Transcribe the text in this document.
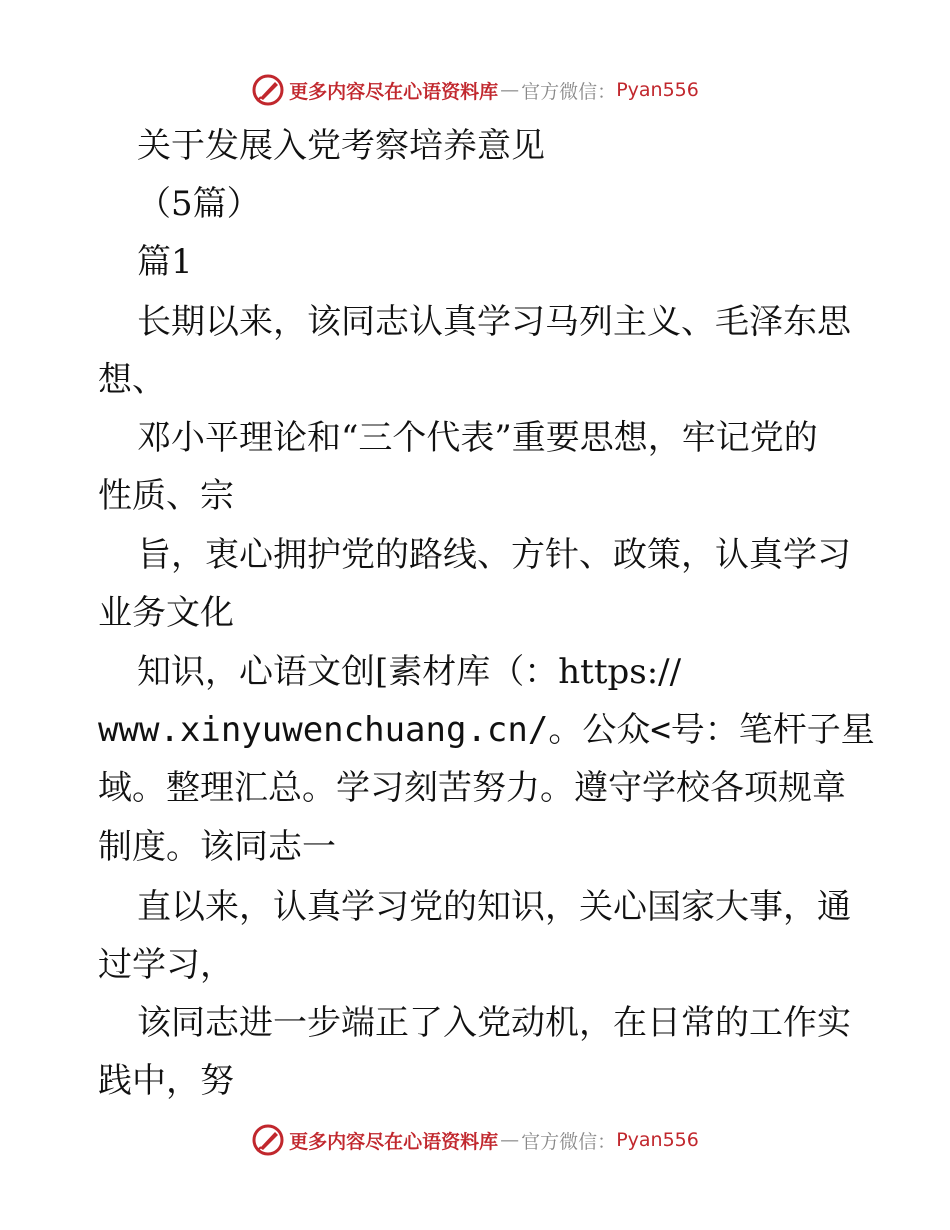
更多内容尽在心语资料库 — 官方微信： Pyan556
关于发展入党考察培养意见
（5篇）
篇1
长期以来，该同志认真学习马列主义、毛泽东思
想、
邓小平理论和“三个代表”重要思想，牢记党的
性质、宗
旨，衷心拥护党的路线、方针、政策，认真学习
业务文化
知识，心语文创[素材库（：https://
www.xinyuwenchuang.cn/。公众<号：笔杆子星
域。整理汇总。学习刻苦努力。遵守学校各项规章
制度。该同志一
直以来，认真学习党的知识，关心国家大事，通
过学习，
该同志进一步端正了入党动机，在日常的工作实
践中，努
更多内容尽在心语资料库 — 官方微信： Pyan556
